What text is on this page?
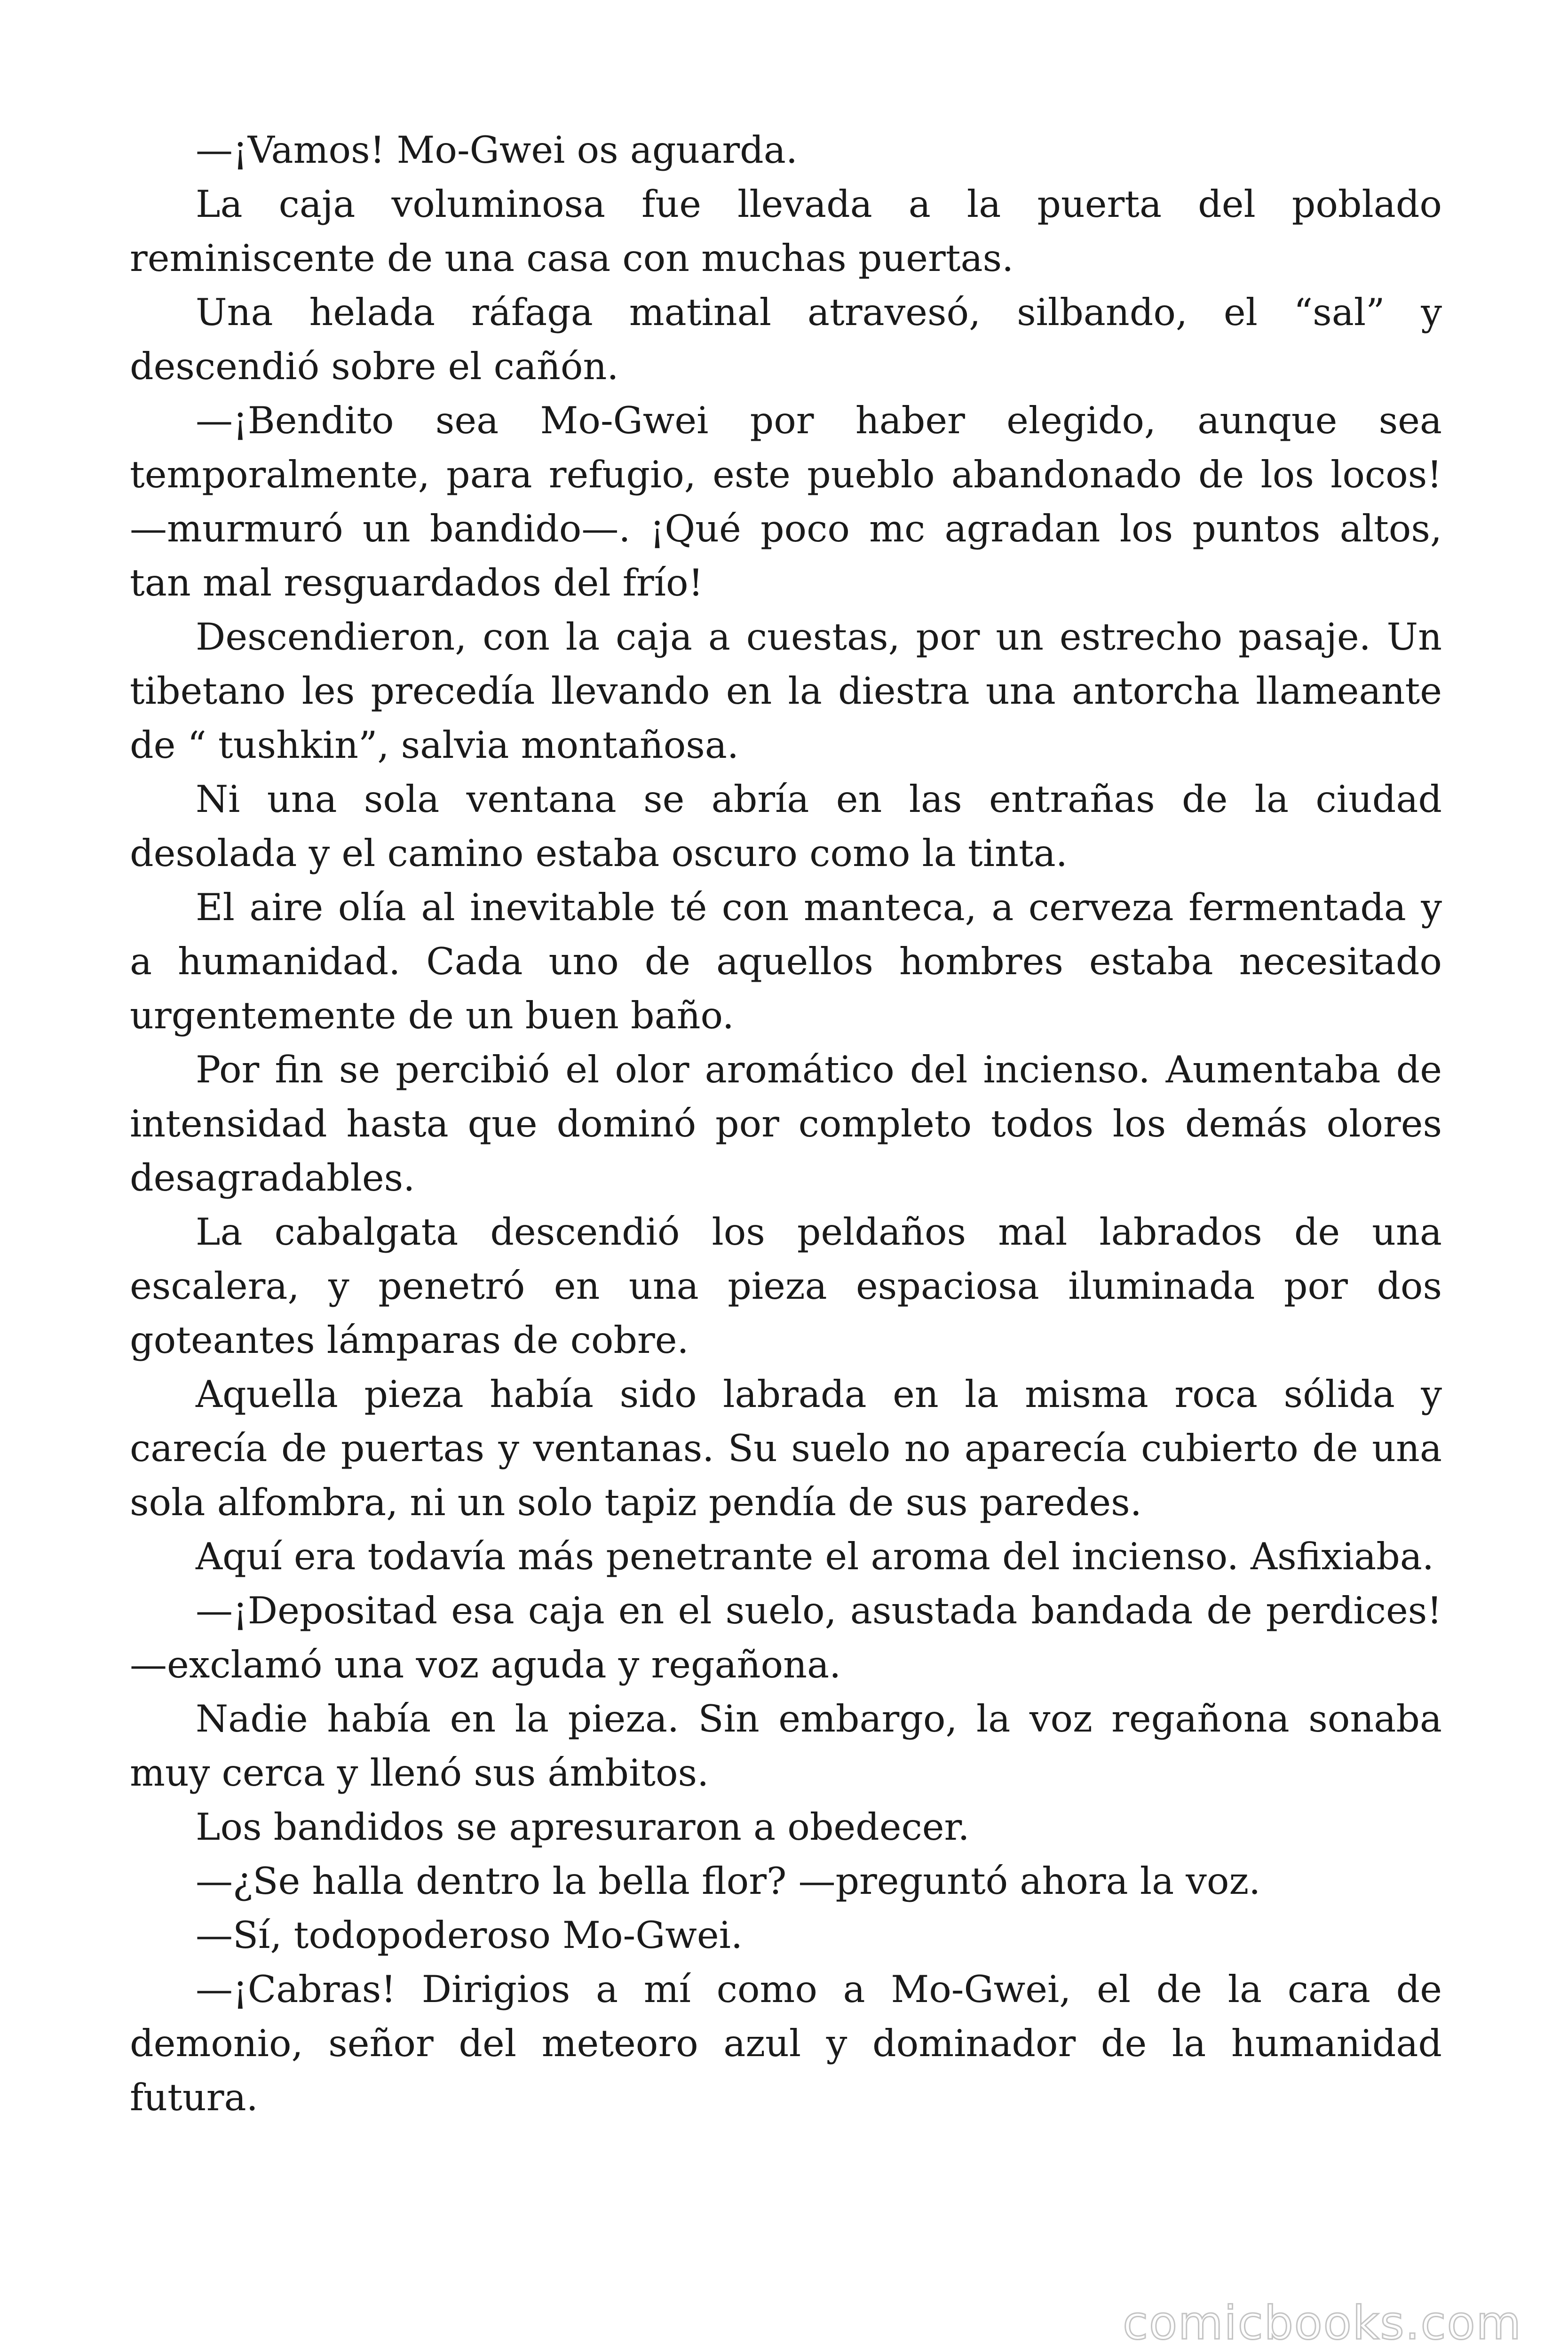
—¡Vamos! Mo-Gwei os aguarda.

La caja voluminosa fue llevada a la puerta del poblado reminiscente de una casa con muchas puertas.

Una helada ráfaga matinal atravesó, silbando, el “sal” y descendió sobre el cañón.

—¡Bendito sea Mo-Gwei por haber elegido, aunque sea temporalmente, para refugio, este pueblo abandonado de los locos! —murmuró un bandido—. ¡Qué poco mc agradan los puntos altos, tan mal resguardados del frío!

Descendieron, con la caja a cuestas, por un estrecho pasaje. Un tibetano les precedía llevando en la diestra una antorcha llameante de “ tushkin”, salvia montañosa.

Ni una sola ventana se abría en las entrañas de la ciudad desolada y el camino estaba oscuro como la tinta.

El aire olía al inevitable té con manteca, a cerveza fermentada y a humanidad. Cada uno de aquellos hombres estaba necesitado urgentemente de un buen baño.

Por fin se percibió el olor aromático del incienso. Aumentaba de intensidad hasta que dominó por completo todos los demás olores desagradables.

La cabalgata descendió los peldaños mal labrados de una escalera, y penetró en una pieza espaciosa iluminada por dos goteantes lámparas de cobre.

Aquella pieza había sido labrada en la misma roca sólida y carecía de puertas y ventanas. Su suelo no aparecía cubierto de una sola alfombra, ni un solo tapiz pendía de sus paredes.

Aquí era todavía más penetrante el aroma del incienso. Asfixiaba.

—¡Depositad esa caja en el suelo, asustada bandada de perdices! —exclamó una voz aguda y regañona.

Nadie había en la pieza. Sin embargo, la voz regañona sonaba muy cerca y llenó sus ámbitos.

Los bandidos se apresuraron a obedecer.

—¿Se halla dentro la bella flor? —preguntó ahora la voz.

—Sí, todopoderoso Mo-Gwei.

—¡Cabras! Dirigios a mí como a Mo-Gwei, el de la cara de demonio, señor del meteoro azul y dominador de la humanidad futura.

comicbooks.com
